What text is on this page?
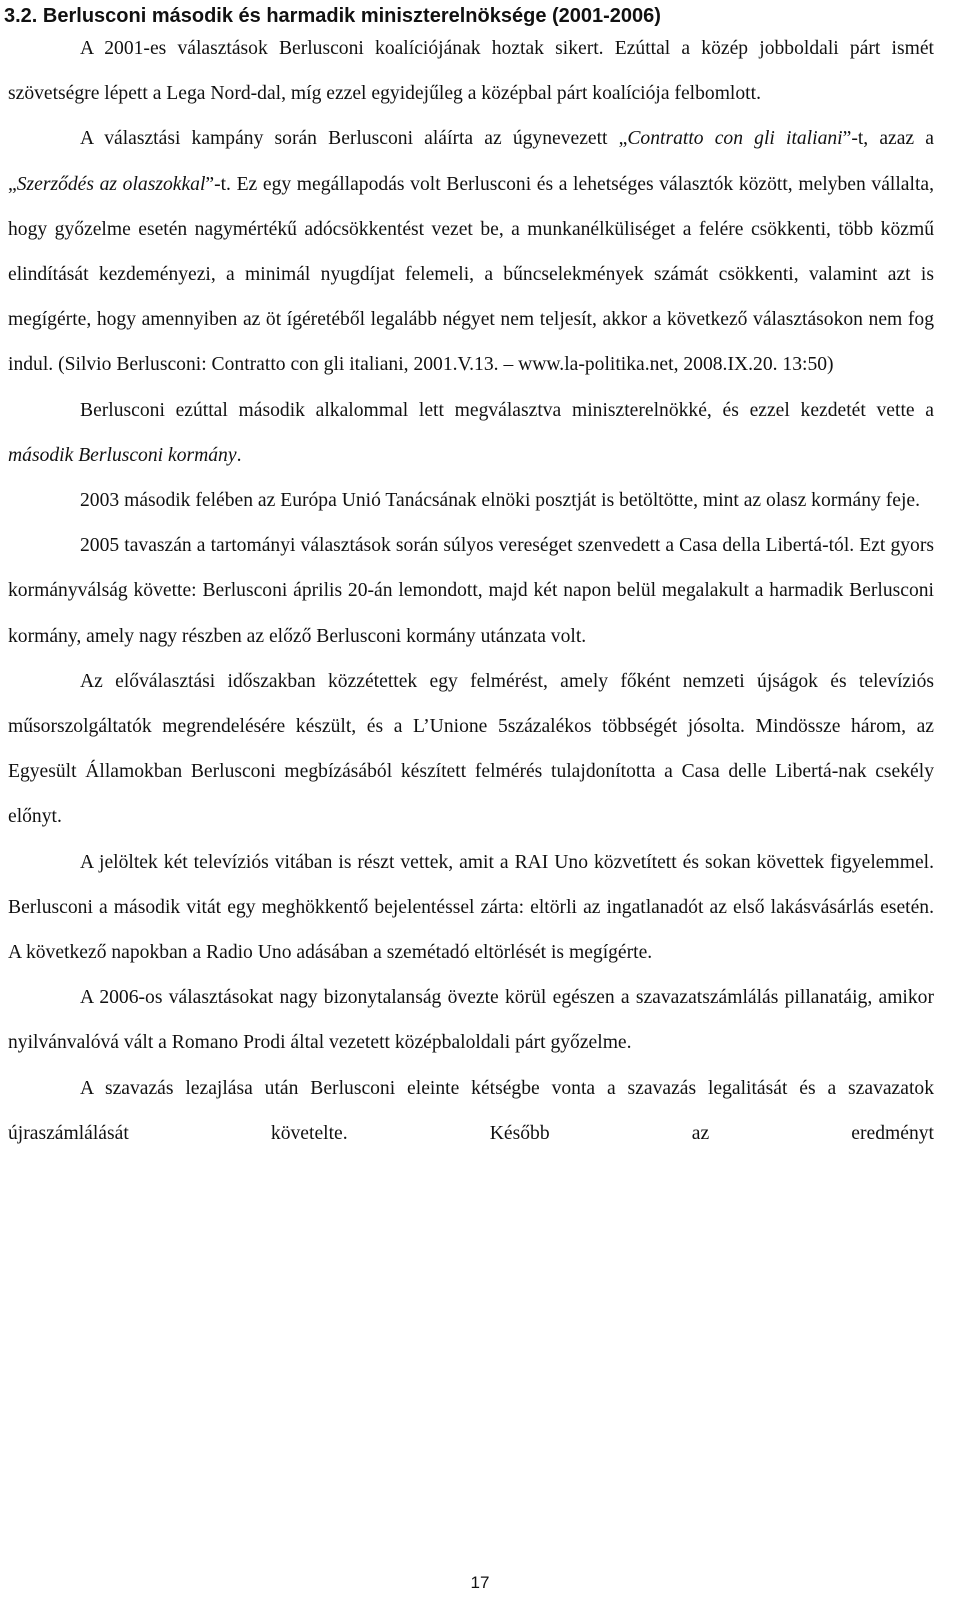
3.2. Berlusconi második és harmadik miniszterelnöksége (2001-2006)

A 2001-es választások Berlusconi koalíciójának hoztak sikert. Ezúttal a közép jobboldali párt ismét szövetségre lépett a Lega Nord-dal, míg ezzel egyidejűleg a középbal párt koalíciója felbomlott.

A választási kampány során Berlusconi aláírta az úgynevezett „Contratto con gli italiani”-t, azaz a „Szerződés az olaszokkal”-t. Ez egy megállapodás volt Berlusconi és a lehetséges választók között, melyben vállalta, hogy győzelme esetén nagymértékű adócsökkentést vezet be, a munkanélküliséget a felére csökkenti, több közmű elindítását kezdeményezi, a minimál nyugdíjat felemeli, a bűncselekmények számát csökkenti, valamint azt is megígérte, hogy amennyiben az öt ígéretéből legalább négyet nem teljesít, akkor a következő választásokon nem fog indul. (Silvio Berlusconi: Contratto con gli italiani, 2001.V.13. – www.la-politika.net, 2008.IX.20. 13:50)

Berlusconi ezúttal második alkalommal lett megválasztva miniszterelnökké, és ezzel kezdetét vette a második Berlusconi kormány.

2003 második felében az Európa Unió Tanácsának elnöki posztját is betöltötte, mint az olasz kormány feje.

2005 tavaszán a tartományi választások során súlyos vereséget szenvedett a Casa della Libertá-tól. Ezt gyors kormányválság követte: Berlusconi április 20-án lemondott, majd két napon belül megalakult a harmadik Berlusconi kormány, amely nagy részben az előző Berlusconi kormány utánzata volt.

Az előválasztási időszakban közzétettek egy felmérést, amely főként nemzeti újságok és televíziós műsorszolgáltatók megrendelésére készült, és a L’Unione 5százalékos többségét jósolta. Mindössze három, az Egyesült Államokban Berlusconi megbízásából készített felmérés tulajdonította a Casa delle Libertá-nak csekély előnyt.

A jelöltek két televíziós vitában is részt vettek, amit a RAI Uno közvetített és sokan követtek figyelemmel. Berlusconi a második vitát egy meghökkentő bejelentéssel zárta: eltörli az ingatlanadót az első lakásvásárlás esetén. A következő napokban a Radio Uno adásában a szemétadó eltörlését is megígérte.

A 2006-os választásokat nagy bizonytalanság övezte körül egészen a szavazatszámlálás pillanatáig, amikor nyilvánvalóvá vált a Romano Prodi által vezetett középbaloldali párt győzelme.

A szavazás lezajlása után Berlusconi eleinte kétségbe vonta a szavazás legalitását és a szavazatok újraszámlálását követelte. Később az eredményt

17
